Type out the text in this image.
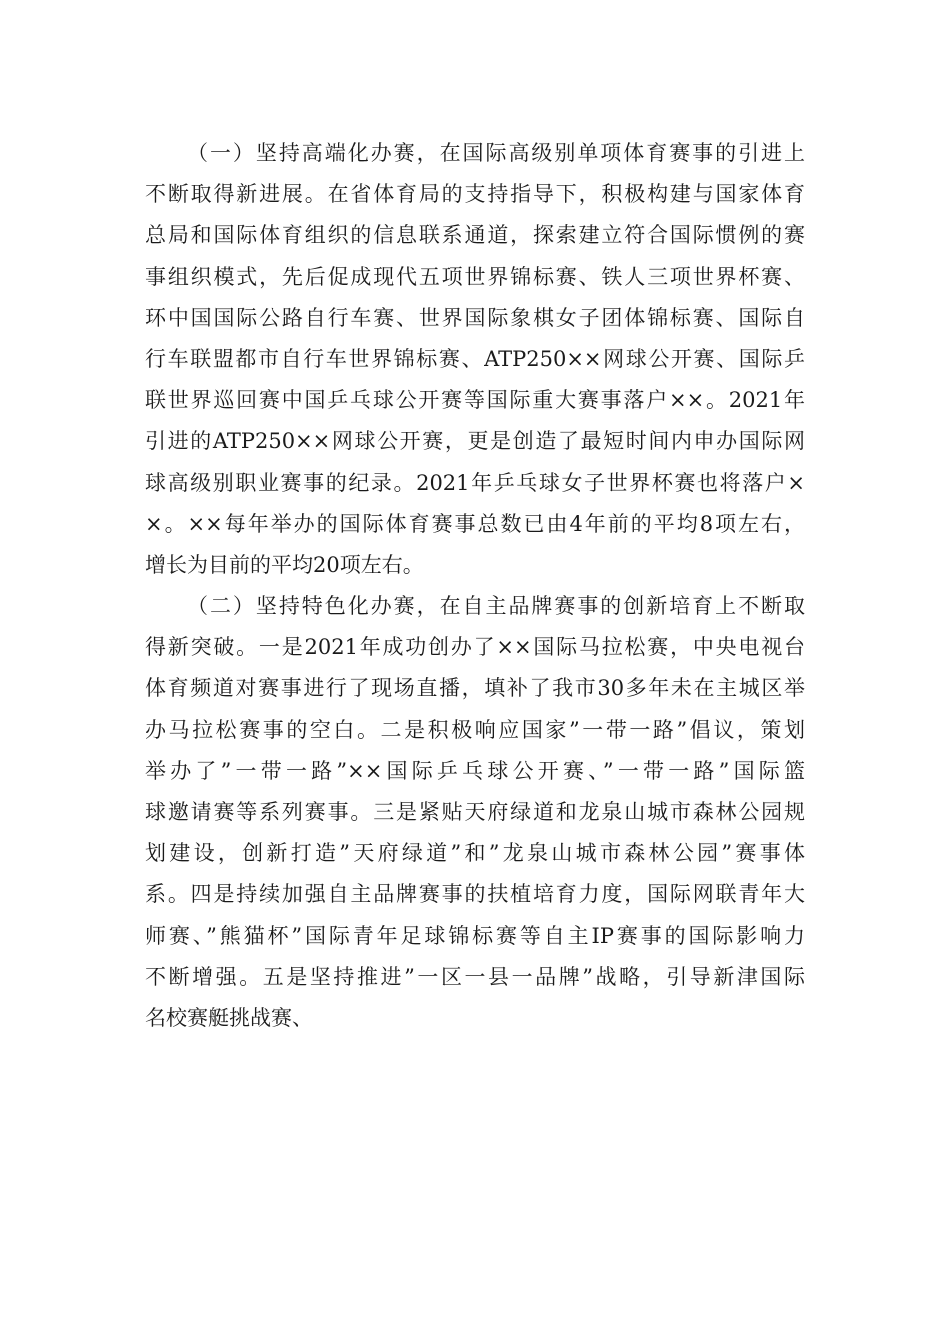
（一）坚持高端化办赛，在国际高级别单项体育赛事的引进上
不断取得新进展。在省体育局的支持指导下，积极构建与国家体育
总局和国际体育组织的信息联系通道，探索建立符合国际惯例的赛
事组织模式，先后促成现代五项世界锦标赛、铁人三项世界杯赛、
环中国国际公路自行车赛、世界国际象棋女子团体锦标赛、国际自
行车联盟都市自行车世界锦标赛、ATP250××网球公开赛、国际乒
联世界巡回赛中国乒乓球公开赛等国际重大赛事落户××。2021年
引进的ATP250××网球公开赛，更是创造了最短时间内申办国际网
球高级别职业赛事的纪录。2021年乒乓球女子世界杯赛也将落户×
×。××每年举办的国际体育赛事总数已由4年前的平均8项左右，
增长为目前的平均20项左右。
（二）坚持特色化办赛，在自主品牌赛事的创新培育上不断取
得新突破。一是2021年成功创办了××国际马拉松赛，中央电视台
体育频道对赛事进行了现场直播，填补了我市30多年未在主城区举
办马拉松赛事的空白。二是积极响应国家”一带一路”倡议，策划
举办了”一带一路”××国际乒乓球公开赛、”一带一路”国际篮
球邀请赛等系列赛事。三是紧贴天府绿道和龙泉山城市森林公园规
划建设，创新打造”天府绿道”和”龙泉山城市森林公园”赛事体
系。四是持续加强自主品牌赛事的扶植培育力度，国际网联青年大
师赛、”熊猫杯”国际青年足球锦标赛等自主IP赛事的国际影响力
不断增强。五是坚持推进”一区一县一品牌”战略，引导新津国际
名校赛艇挑战赛、
